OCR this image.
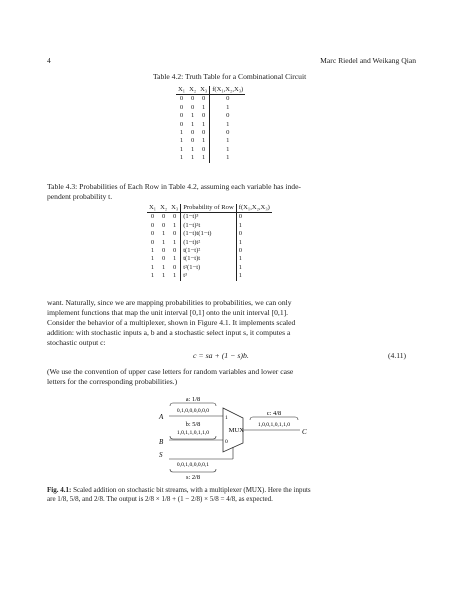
4	Marc Riedel and Weikang Qian
Table 4.2: Truth Table for a Combinational Circuit
X₁	X₂	X₃	f(X₁,X₂,X₃)
0	0	0	0
0	0	1	1
0	1	0	0
0	1	1	1
1	0	0	0
1	0	1	1
1	1	0	1
1	1	1	1
Table 4.3: Probabilities of Each Row in Table 4.2, assuming each variable has inde-
pendent probability t.
X₁	X₂	X₃	Probability of Row	f(X₁,X₂,X₃)
0	0	0	(1−t)³	0
0	0	1	(1−t)²t	1
0	1	0	(1−t)t(1−t)	0
0	1	1	(1−t)t²	1
1	0	0	t(1−t)²	0
1	0	1	t(1−t)t	1
1	1	0	t²(1−t)	1
1	1	1	t³	1
want. Naturally, since we are mapping probabilities to probabilities, we can only
implement functions that map the unit interval [0,1] onto the unit interval [0,1].
Consider the behavior of a multiplexer, shown in Figure 4.1. It implements scaled
addition: with stochastic inputs a, b and a stochastic select input s, it computes a
stochastic output c:
c = sa + (1 − s)b.	(4.11)
(We use the convention of upper case letters for random variables and lower case
letters for the corresponding probabilities.)
a: 1/8
0,1,0,0,0,0,0,0
A
b: 5/8
1,0,1,1,0,1,1,0
B
1
0
MUX
S
0,0,1,0,0,0,0,1
s: 2/8
c: 4/8
1,0,0,1,0,1,1,0
C
Fig. 4.1: Scaled addition on stochastic bit streams, with a multiplexer (MUX). Here the inputs
are 1/8, 5/8, and 2/8. The output is 2/8 × 1/8 + (1 − 2/8) × 5/8 = 4/8, as expected.
